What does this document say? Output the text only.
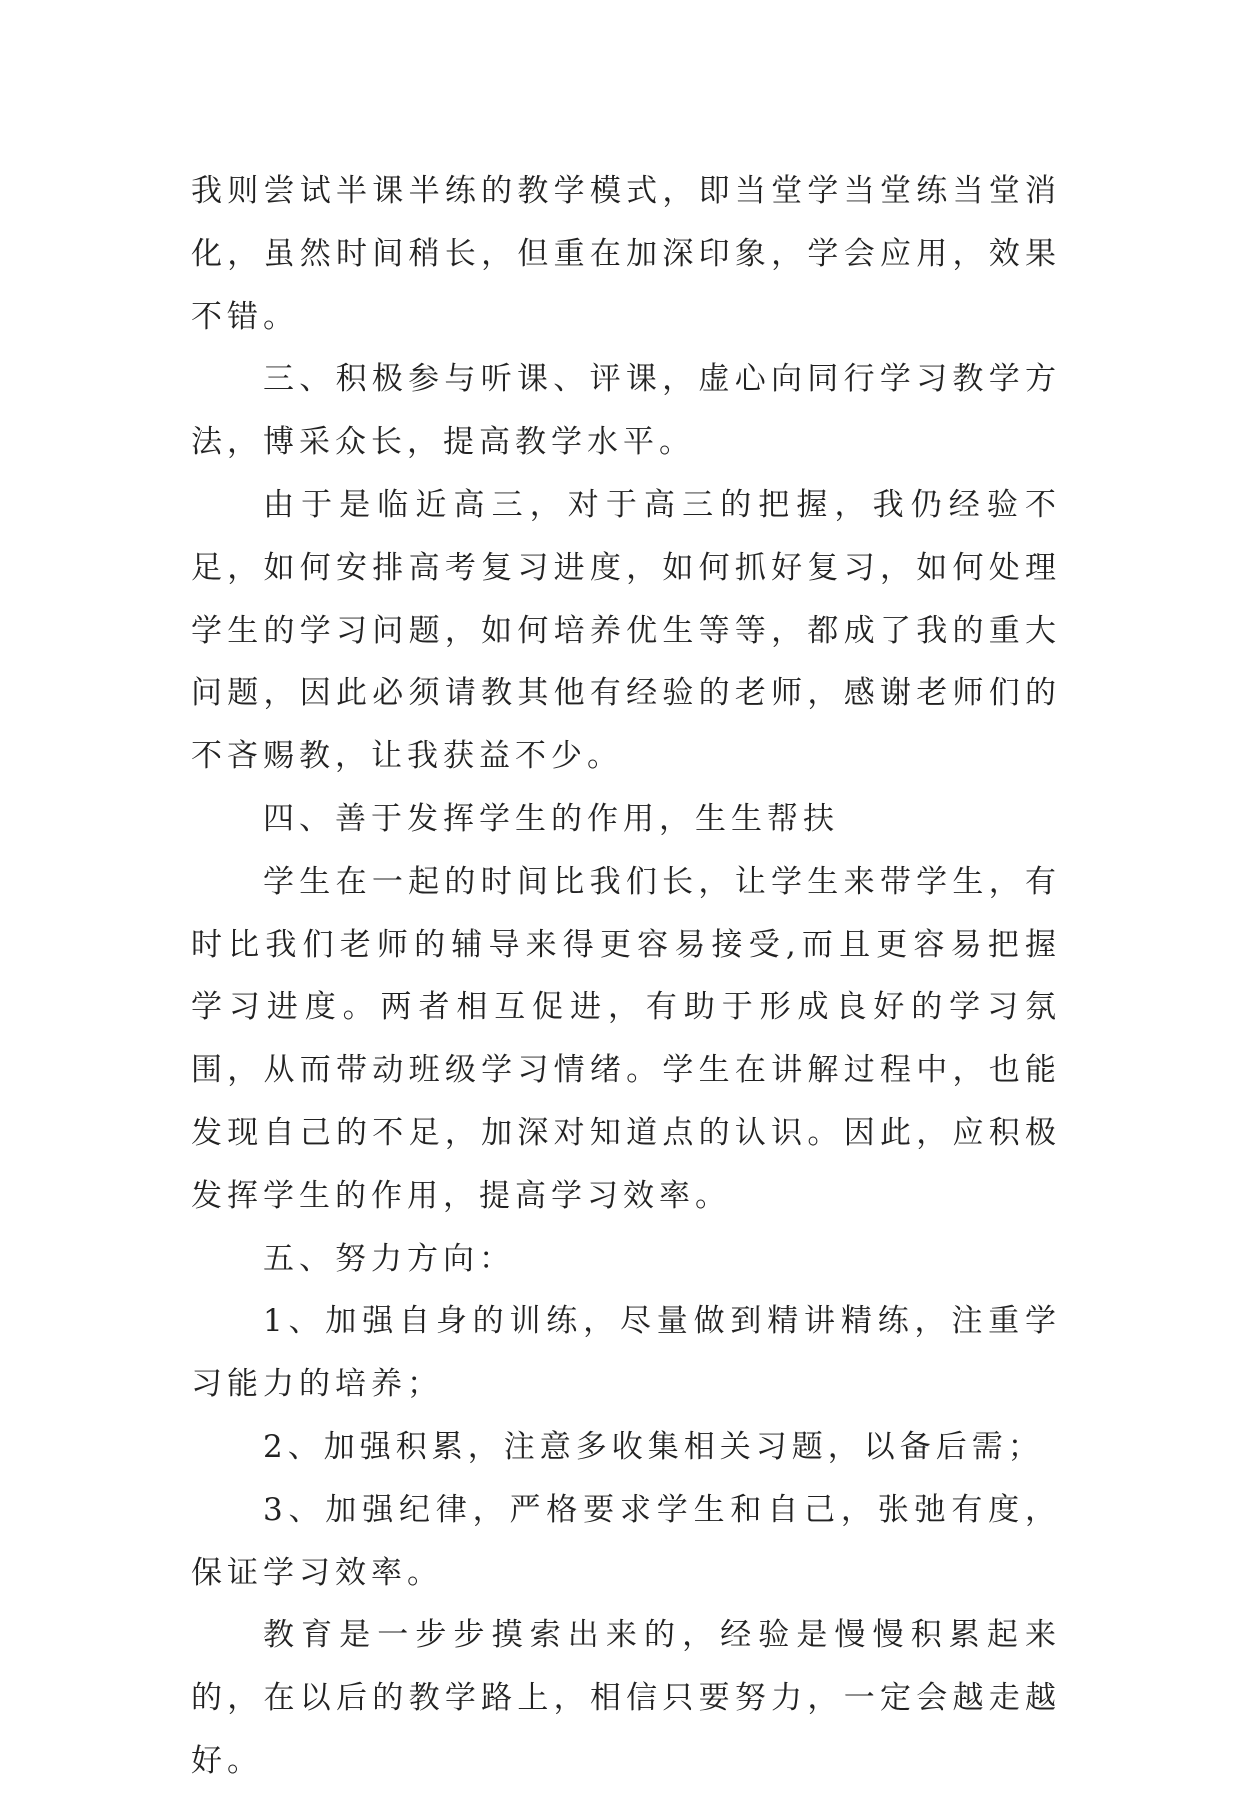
我则尝试半课半练的教学模式，即当堂学当堂练当堂消化，虽然时间稍长，但重在加深印象，学会应用，效果不错。

三、积极参与听课、评课，虚心向同行学习教学方法，博采众长，提高教学水平。

由于是临近高三，对于高三的把握，我仍经验不足，如何安排高考复习进度，如何抓好复习，如何处理学生的学习问题，如何培养优生等等，都成了我的重大问题，因此必须请教其他有经验的老师，感谢老师们的不吝赐教，让我获益不少。

四、善于发挥学生的作用，生生帮扶

学生在一起的时间比我们长，让学生来带学生，有时比我们老师的辅导来得更容易接受,而且更容易把握学习进度。两者相互促进，有助于形成良好的学习氛围，从而带动班级学习情绪。学生在讲解过程中，也能发现自己的不足，加深对知道点的认识。因此，应积极发挥学生的作用，提高学习效率。

五、努力方向：

1、加强自身的训练，尽量做到精讲精练，注重学习能力的培养；

2、加强积累，注意多收集相关习题，以备后需；

3、加强纪律，严格要求学生和自己，张弛有度，保证学习效率。

教育是一步步摸索出来的，经验是慢慢积累起来的，在以后的教学路上，相信只要努力，一定会越走越好。
